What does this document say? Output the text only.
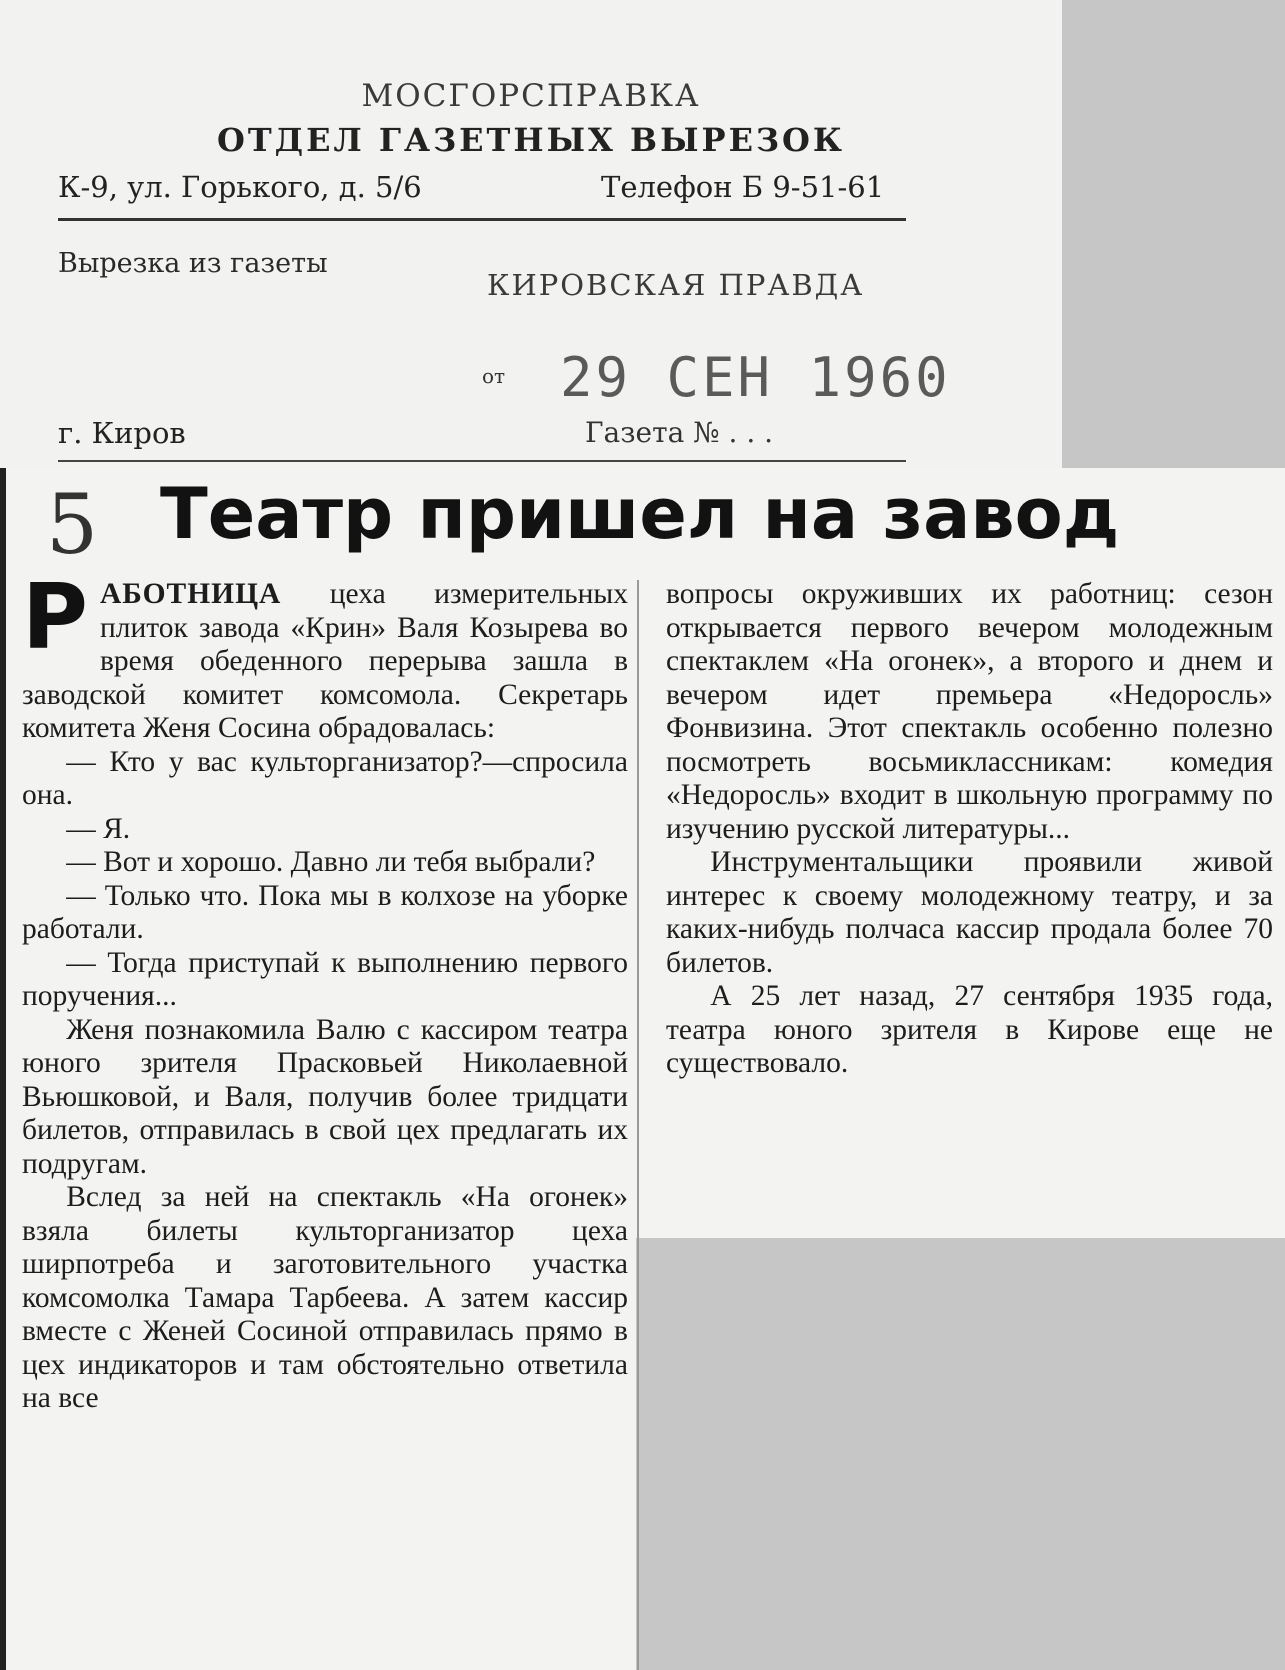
МОСГОРСПРАВКА
ОТДЕЛ ГАЗЕТНЫХ ВЫРЕЗОК
К-9, ул. Горького, д. 5/6	Телефон Б 9-51-61
Вырезка из газеты
КИРОВСКАЯ ПРАВДА
от 29 СЕН 1960
г. Киров	Газета № . . .
5 Театр пришел на завод

РАБОТНИЦА цеха измерительных плиток завода «Крин» Валя Козырева во время обеденного перерыва зашла в заводской комитет комсомола. Секретарь комитета Женя Сосина обрадовалась:

— Кто у вас культорганизатор?—спросила она.

— Я.

— Вот и хорошо. Давно ли тебя выбрали?

— Только что. Пока мы в колхозе на уборке работали.

— Тогда приступай к выполнению первого поручения...

Женя познакомила Валю с кассиром театра юного зрителя Прасковьей Николаевной Вьюшковой, и Валя, получив более тридцати билетов, отправилась в свой цех предлагать их подругам.

Вслед за ней на спектакль «На огонек» взяла билеты культорганизатор цеха ширпотреба и заготовительного участка комсомолка Тамара Тарбеева. А затем кассир вместе с Женей Сосиной отправилась прямо в цех индикаторов и там обстоятельно ответила на все

вопросы окруживших их работниц: сезон открывается первого вечером молодежным спектаклем «На огонек», а второго и днем и вечером идет премьера «Недоросль» Фонвизина. Этот спектакль особенно полезно посмотреть восьмиклассникам: комедия «Недоросль» входит в школьную программу по изучению русской литературы...

Инструментальщики проявили живой интерес к своему молодежному театру, и за каких-нибудь полчаса кассир продала более 70 билетов.

А 25 лет назад, 27 сентября 1935 года, театра юного зрителя в Кирове еще не существовало.
